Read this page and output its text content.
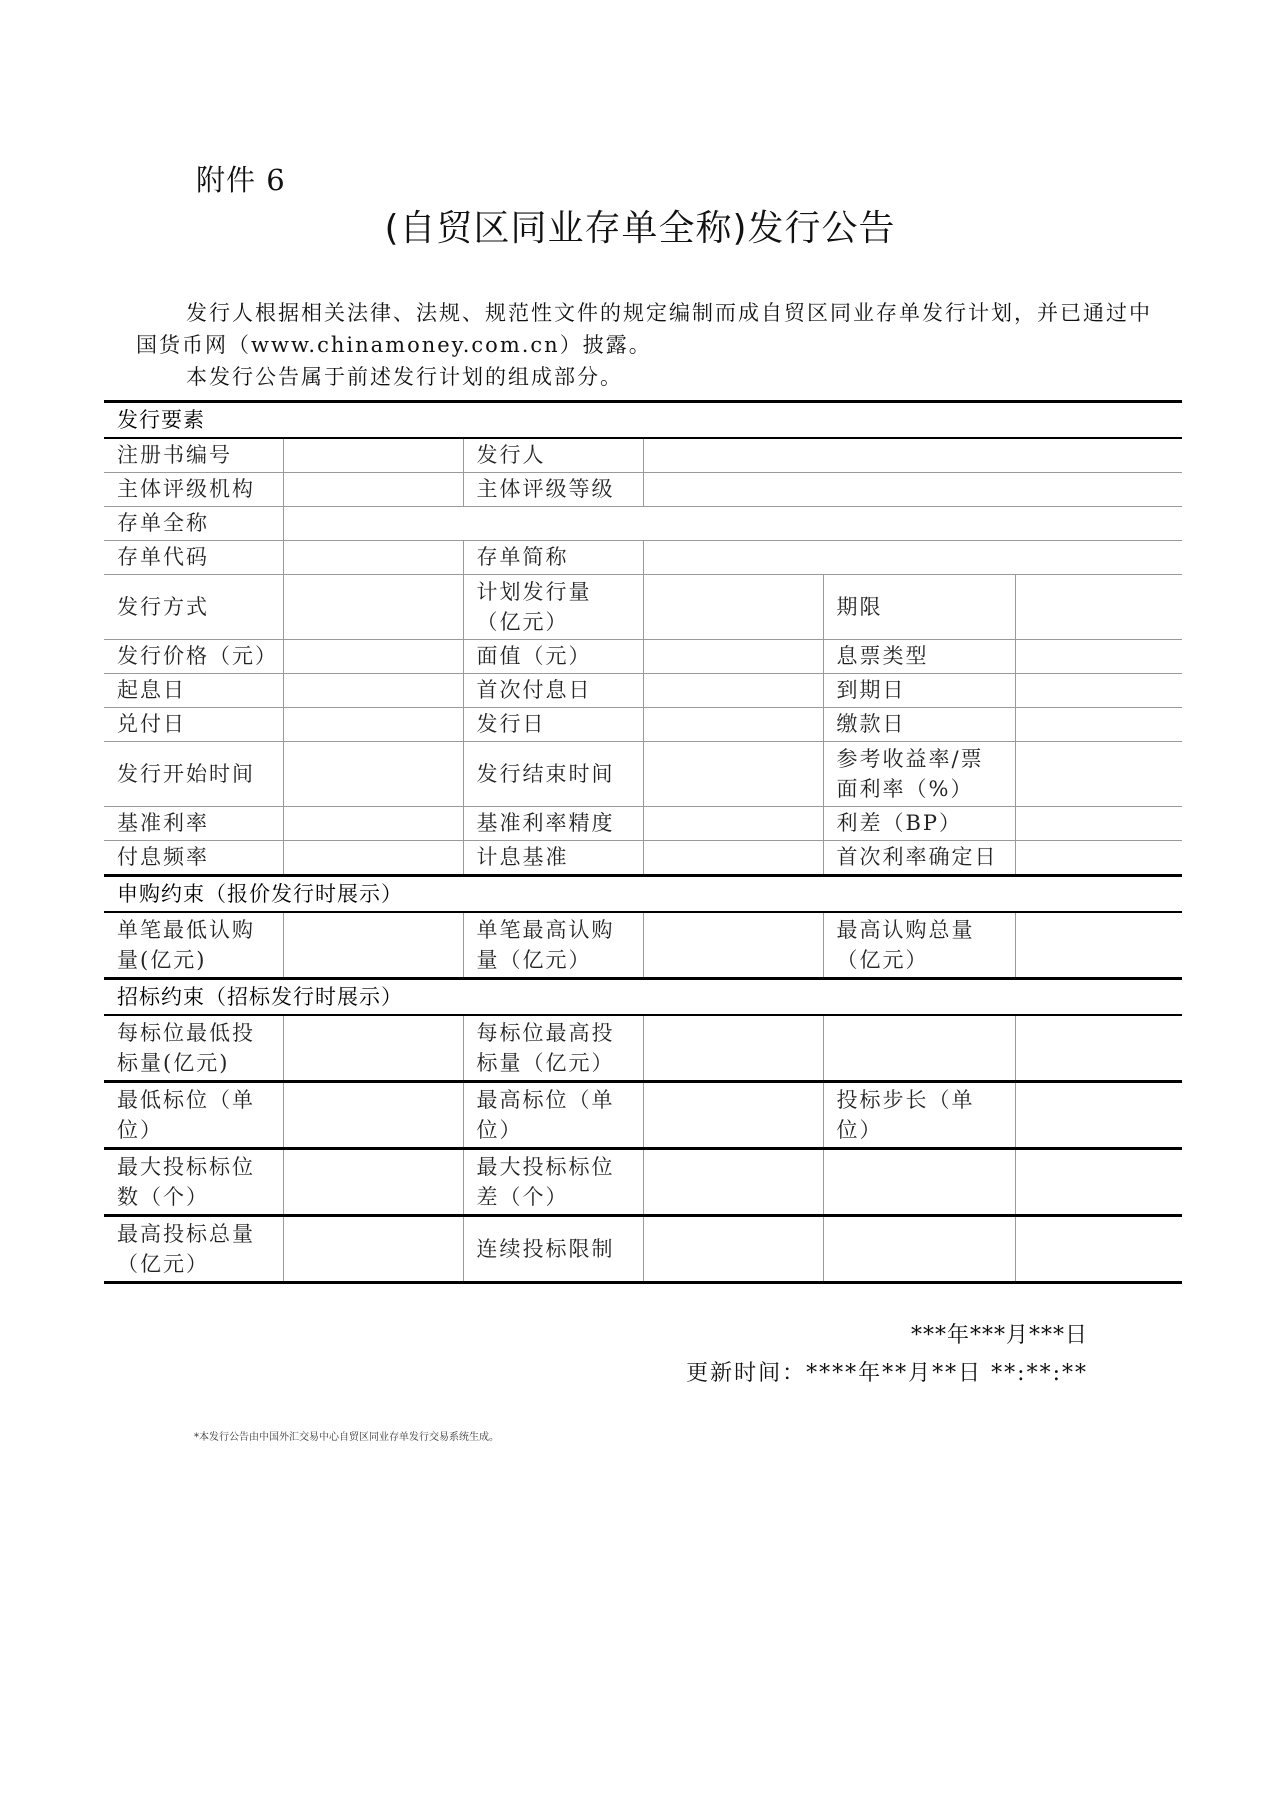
附件 6
(自贸区同业存单全称)发行公告

发行人根据相关法律、法规、规范性文件的规定编制而成自贸区同业存单发行计划，并已通过中国货币网（www.chinamoney.com.cn）披露。

本发行公告属于前述发行计划的组成部分。

发行要素					
注册书编号		发行人			
主体评级机构		主体评级等级			
存单全称					
存单代码		存单简称			
发行方式		计划发行量（亿元）		期限	
发行价格（元）		面值（元）		息票类型	
起息日		首次付息日		到期日	
兑付日		发行日		缴款日	
发行开始时间		发行结束时间		参考收益率/票面利率（%）	
基准利率		基准利率精度		利差（BP）	
付息频率		计息基准		首次利率确定日	
申购约束（报价发行时展示）					
单笔最低认购量(亿元)		单笔最高认购量（亿元）		最高认购总量（亿元）	
招标约束（招标发行时展示）					
每标位最低投标量(亿元)		每标位最高投标量（亿元）			
最低标位（单位）		最高标位（单位）		投标步长（单位）	
最大投标标位数（个）		最大投标标位差（个）			
最高投标总量（亿元）		连续投标限制			
***年***月***日
更新时间：****年**月**日 **:**:**
*本发行公告由中国外汇交易中心自贸区同业存单发行交易系统生成。
